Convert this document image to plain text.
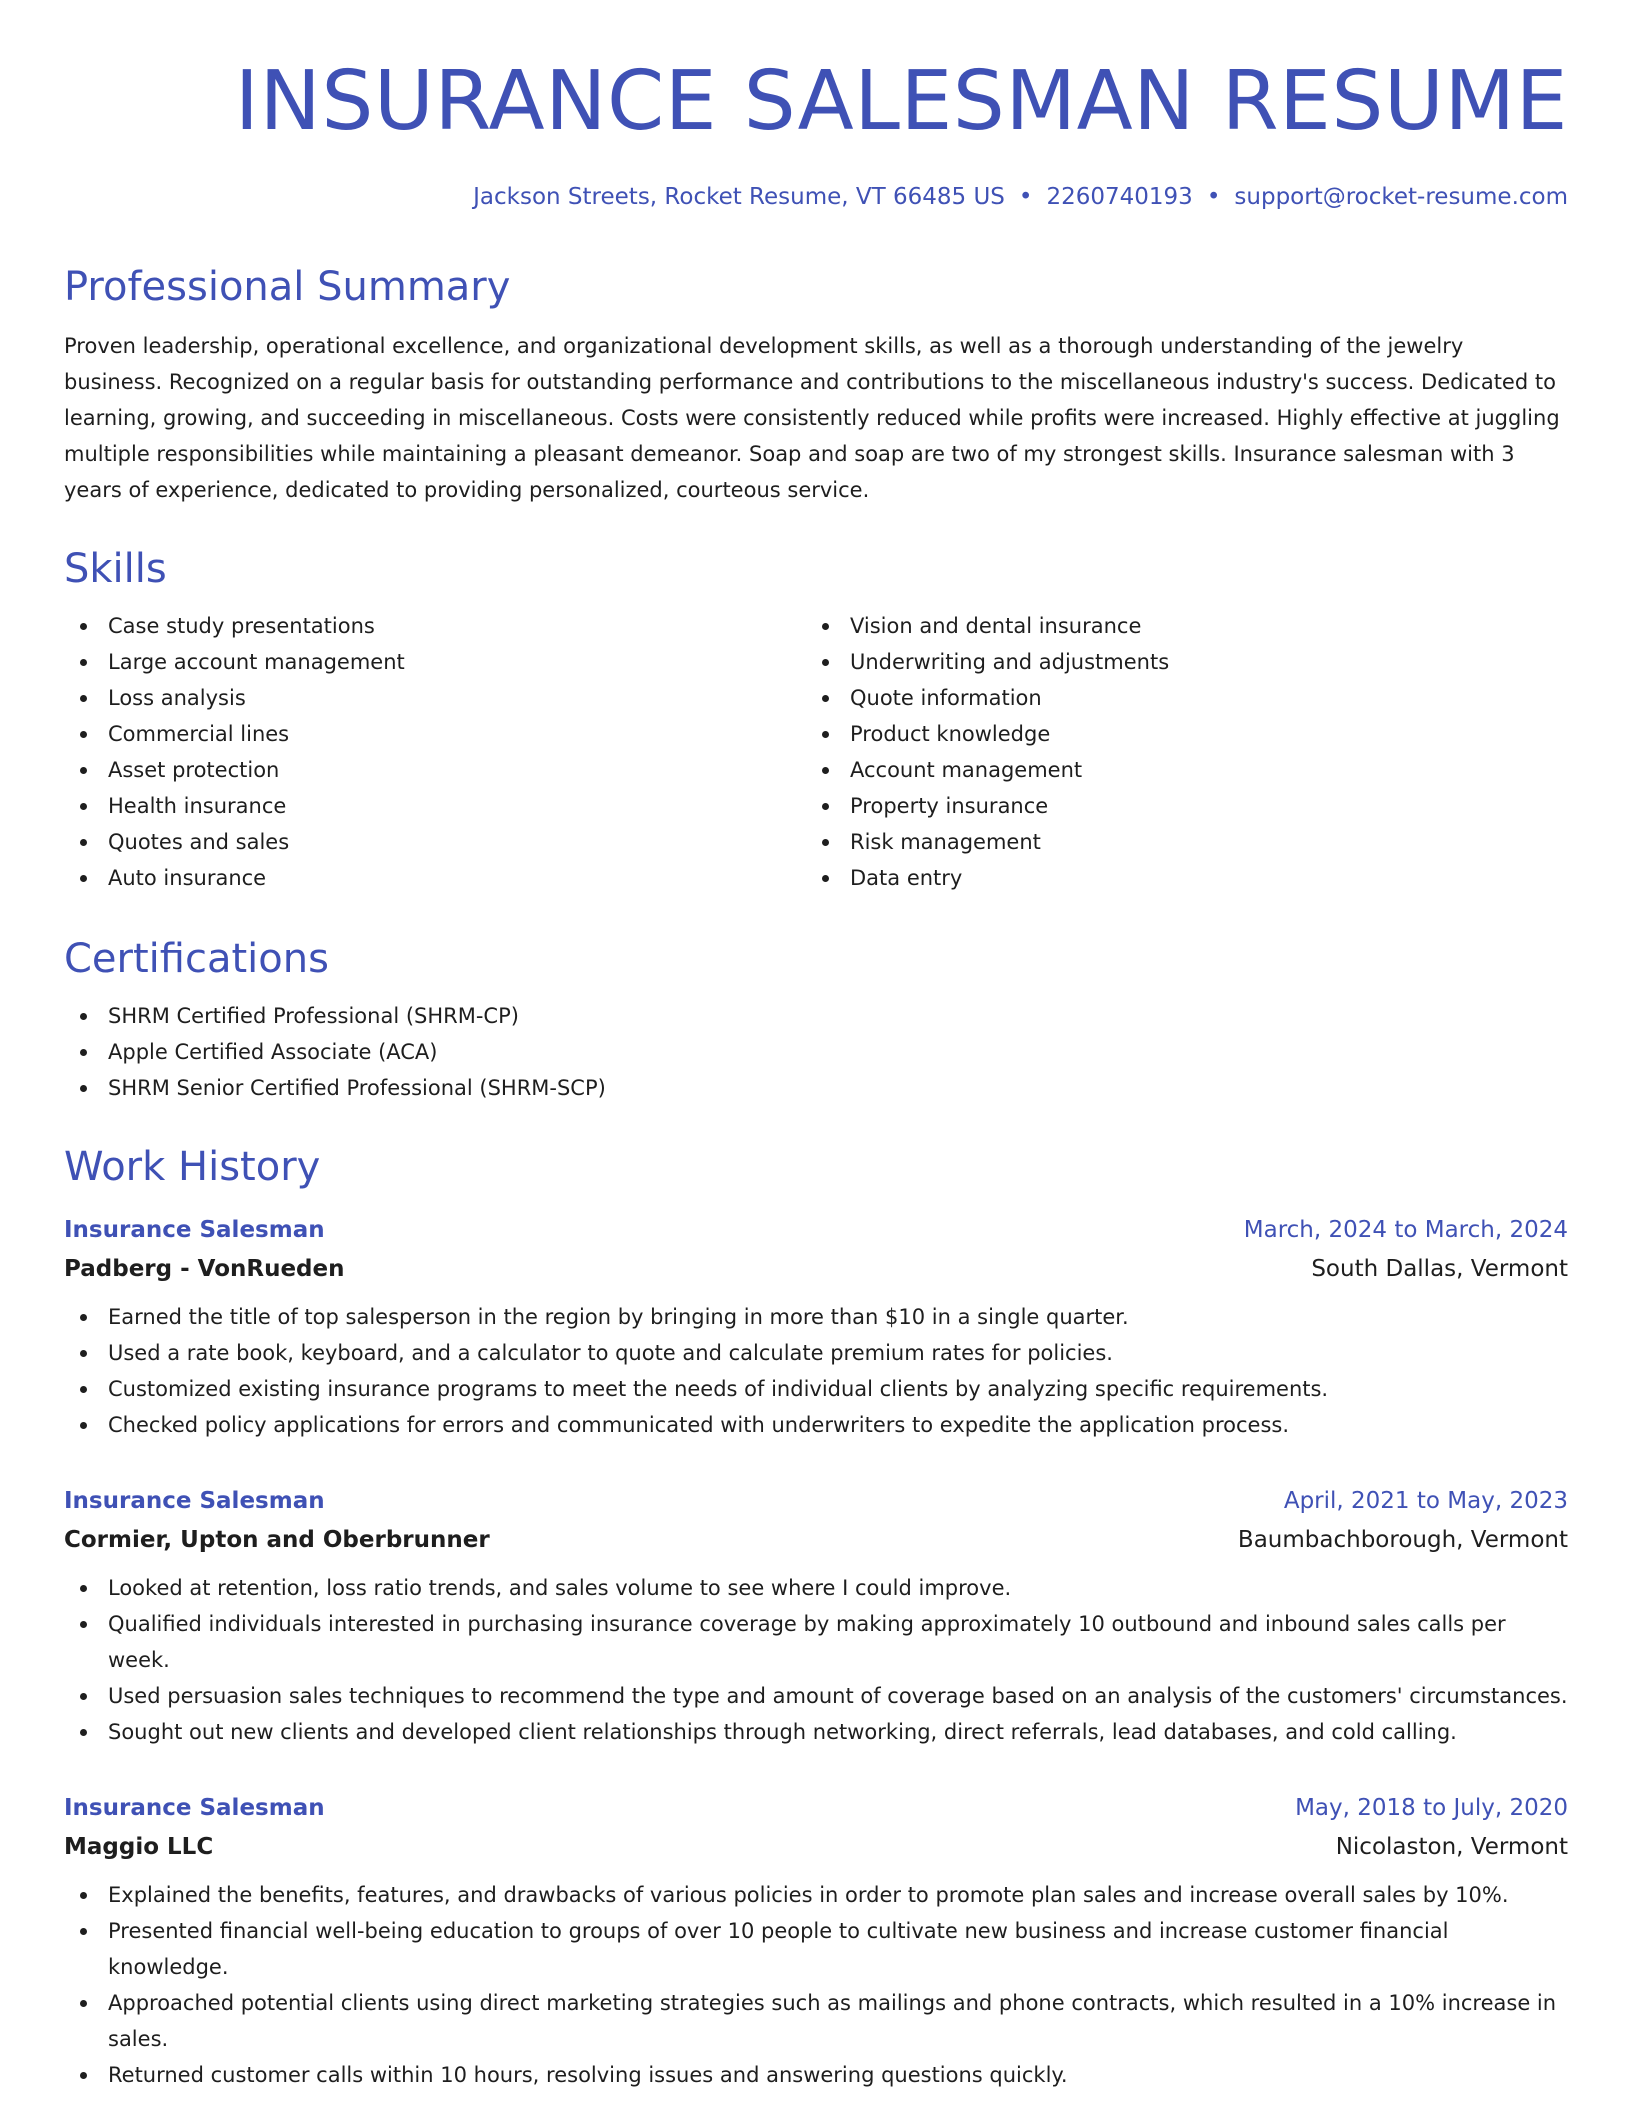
INSURANCE SALESMAN RESUME
Jackson Streets, Rocket Resume, VT 66485 US • 2260740193 • support@rocket-resume.com
Professional Summary

Proven leadership, operational excellence, and organizational development skills, as well as a thorough understanding of the jewelry business. Recognized on a regular basis for outstanding performance and contributions to the miscellaneous industry's success. Dedicated to learning, growing, and succeeding in miscellaneous. Costs were consistently reduced while profits were increased. Highly effective at juggling multiple responsibilities while maintaining a pleasant demeanor. Soap and soap are two of my strongest skills. Insurance salesman with 3 years of experience, dedicated to providing personalized, courteous service.

Skills
Case study presentations
Large account management
Loss analysis
Commercial lines
Asset protection
Health insurance
Quotes and sales
Auto insurance
Vision and dental insurance
Underwriting and adjustments
Quote information
Product knowledge
Account management
Property insurance
Risk management
Data entry
Certifications
SHRM Certified Professional (SHRM-CP)
Apple Certified Associate (ACA)
SHRM Senior Certified Professional (SHRM-SCP)
Work History
Insurance Salesman	March, 2024 to March, 2024
Padberg - VonRueden	South Dallas, Vermont
Earned the title of top salesperson in the region by bringing in more than $10 in a single quarter.
Used a rate book, keyboard, and a calculator to quote and calculate premium rates for policies.
Customized existing insurance programs to meet the needs of individual clients by analyzing specific requirements.
Checked policy applications for errors and communicated with underwriters to expedite the application process.
Insurance Salesman	April, 2021 to May, 2023
Cormier, Upton and Oberbrunner	Baumbachborough, Vermont
Looked at retention, loss ratio trends, and sales volume to see where I could improve.
Qualified individuals interested in purchasing insurance coverage by making approximately 10 outbound and inbound sales calls per week.
Used persuasion sales techniques to recommend the type and amount of coverage based on an analysis of the customers' circumstances.
Sought out new clients and developed client relationships through networking, direct referrals, lead databases, and cold calling.
Insurance Salesman	May, 2018 to July, 2020
Maggio LLC	Nicolaston, Vermont
Explained the benefits, features, and drawbacks of various policies in order to promote plan sales and increase overall sales by 10%.
Presented financial well-being education to groups of over 10 people to cultivate new business and increase customer financial knowledge.
Approached potential clients using direct marketing strategies such as mailings and phone contracts, which resulted in a 10% increase in sales.
Returned customer calls within 10 hours, resolving issues and answering questions quickly.
